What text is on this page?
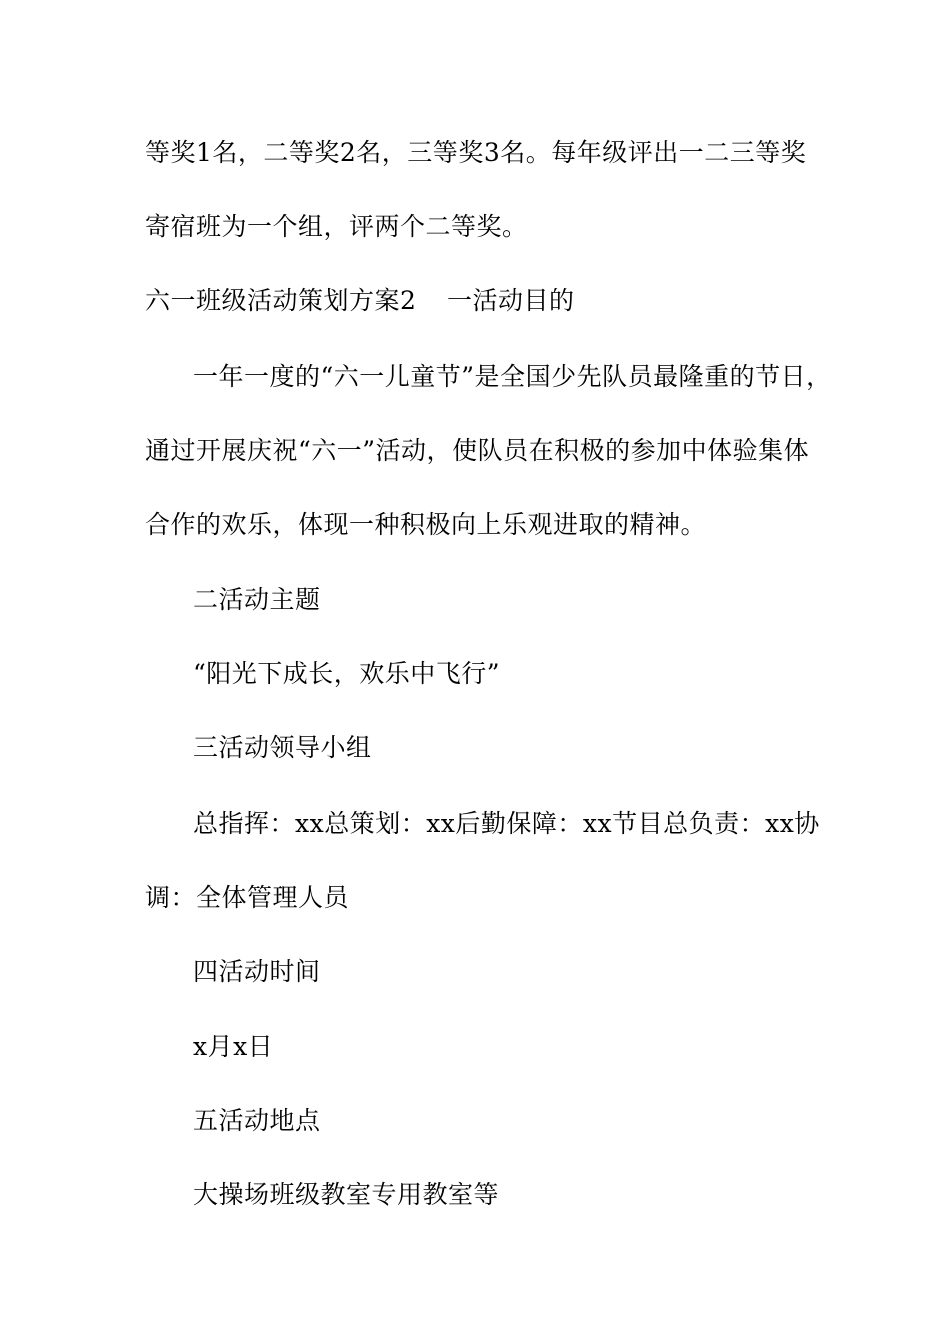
等奖1名，二等奖2名，三等奖3名。每年级评出一二三等奖
寄宿班为一个组，评两个二等奖。
六一班级活动策划方案2 一活动目的
一年一度的“六一儿童节”是全国少先队员最隆重的节日，
通过开展庆祝“六一”活动，使队员在积极的参加中体验集体
合作的欢乐，体现一种积极向上乐观进取的精神。
二活动主题
“阳光下成长，欢乐中飞行”
三活动领导小组
总指挥：xx总策划：xx后勤保障：xx节目总负责：xx协
调：全体管理人员
四活动时间
x月x日
五活动地点
大操场班级教室专用教室等
